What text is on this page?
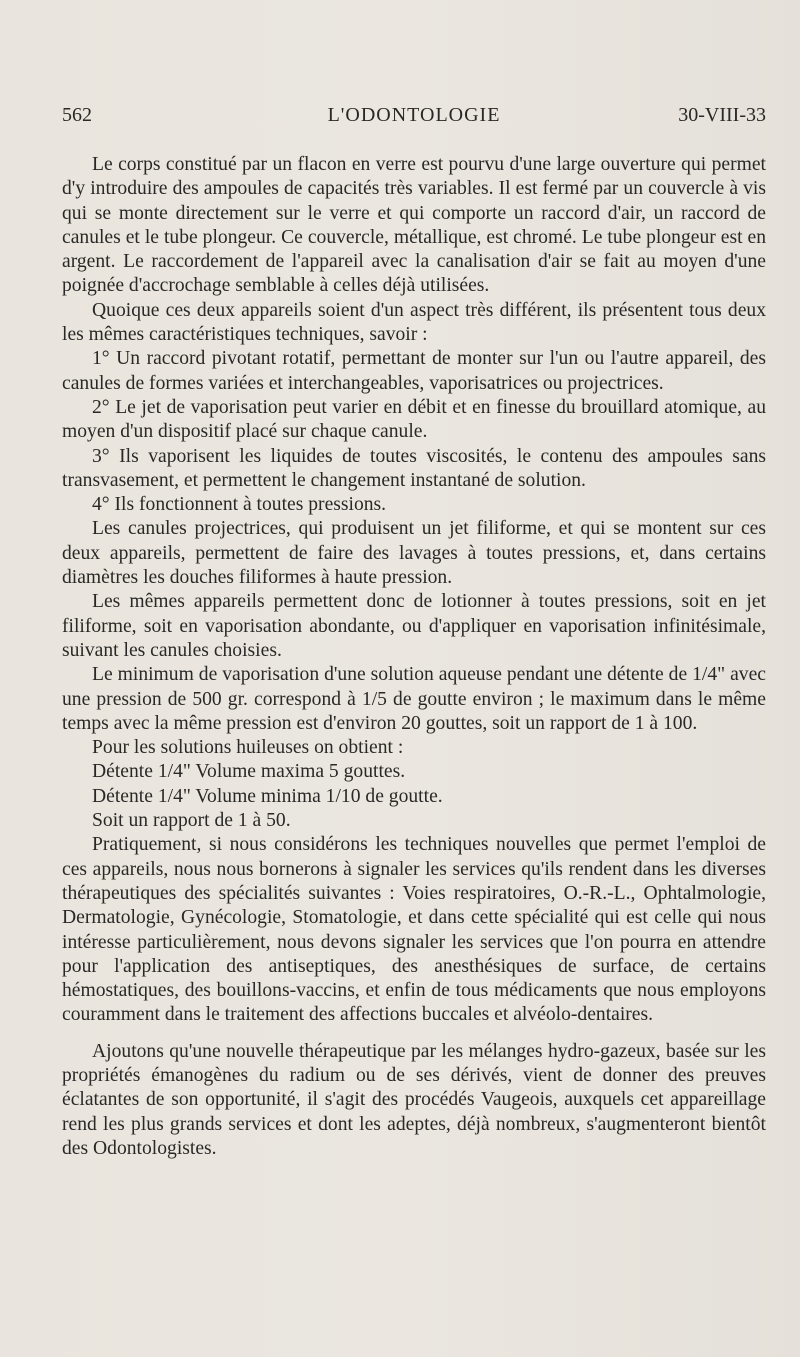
562	L'ODONTOLOGIE	30-VIII-33

Le corps constitué par un flacon en verre est pourvu d'une large ouverture qui permet d'y introduire des ampoules de capacités très variables. Il est fermé par un couvercle à vis qui se monte directement sur le verre et qui comporte un raccord d'air, un raccord de canules et le tube plongeur. Ce couvercle, métallique, est chromé. Le tube plongeur est en argent. Le raccordement de l'appareil avec la canalisation d'air se fait au moyen d'une poignée d'accrochage semblable à celles déjà utilisées.

Quoique ces deux appareils soient d'un aspect très différent, ils présentent tous deux les mêmes caractéristiques techniques, savoir :

1° Un raccord pivotant rotatif, permettant de monter sur l'un ou l'autre appareil, des canules de formes variées et interchangeables, vaporisatrices ou projectrices.

2° Le jet de vaporisation peut varier en débit et en finesse du brouillard atomique, au moyen d'un dispositif placé sur chaque canule.

3° Ils vaporisent les liquides de toutes viscosités, le contenu des ampoules sans transvasement, et permettent le changement instantané de solution.

4° Ils fonctionnent à toutes pressions.

Les canules projectrices, qui produisent un jet filiforme, et qui se montent sur ces deux appareils, permettent de faire des lavages à toutes pressions, et, dans certains diamètres les douches filiformes à haute pression.

Les mêmes appareils permettent donc de lotionner à toutes pressions, soit en jet filiforme, soit en vaporisation abondante, ou d'appliquer en vaporisation infinitésimale, suivant les canules choisies.

Le minimum de vaporisation d'une solution aqueuse pendant une détente de 1/4" avec une pression de 500 gr. correspond à 1/5 de goutte environ ; le maximum dans le même temps avec la même pression est d'environ 20 gouttes, soit un rapport de 1 à 100.

Pour les solutions huileuses on obtient :

Détente 1/4" Volume maxima 5 gouttes.

Détente 1/4" Volume minima 1/10 de goutte.

Soit un rapport de 1 à 50.

Pratiquement, si nous considérons les techniques nouvelles que permet l'emploi de ces appareils, nous nous bornerons à signaler les services qu'ils rendent dans les diverses thérapeutiques des spécialités suivantes : Voies respiratoires, O.-R.-L., Ophtalmologie, Dermatologie, Gynécologie, Stomatologie, et dans cette spécialité qui est celle qui nous intéresse particulièrement, nous devons signaler les services que l'on pourra en attendre pour l'application des antiseptiques, des anesthésiques de surface, de certains hémostatiques, des bouillons-vaccins, et enfin de tous médicaments que nous employons couramment dans le traitement des affections buccales et alvéolo-dentaires.

Ajoutons qu'une nouvelle thérapeutique par les mélanges hydro-gazeux, basée sur les propriétés émanogènes du radium ou de ses dérivés, vient de donner des preuves éclatantes de son opportunité, il s'agit des procédés Vaugeois, auxquels cet appareillage rend les plus grands services et dont les adeptes, déjà nombreux, s'augmenteront bientôt des Odontologistes.
